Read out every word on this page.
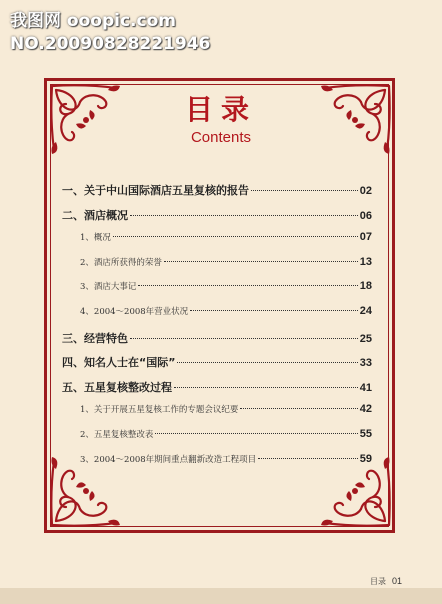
我图网 ooopic.com
NO.20090828221946
目录
Contents
一、关于中山国际酒店五星复核的报告	02
二、酒店概况	06
1、概况	07
2、酒店所获得的荣誉	13
3、酒店大事记	18
4、2004～2008年营业状况	24
三、经营特色	25
四、知名人士在“国际”	33
五、五星复核整改过程	41
1、关于开展五星复核工作的专题会议纪要	42
2、五星复核整改表	55
3、2004～2008年期间重点翻新改造工程项目	59
目录 01
